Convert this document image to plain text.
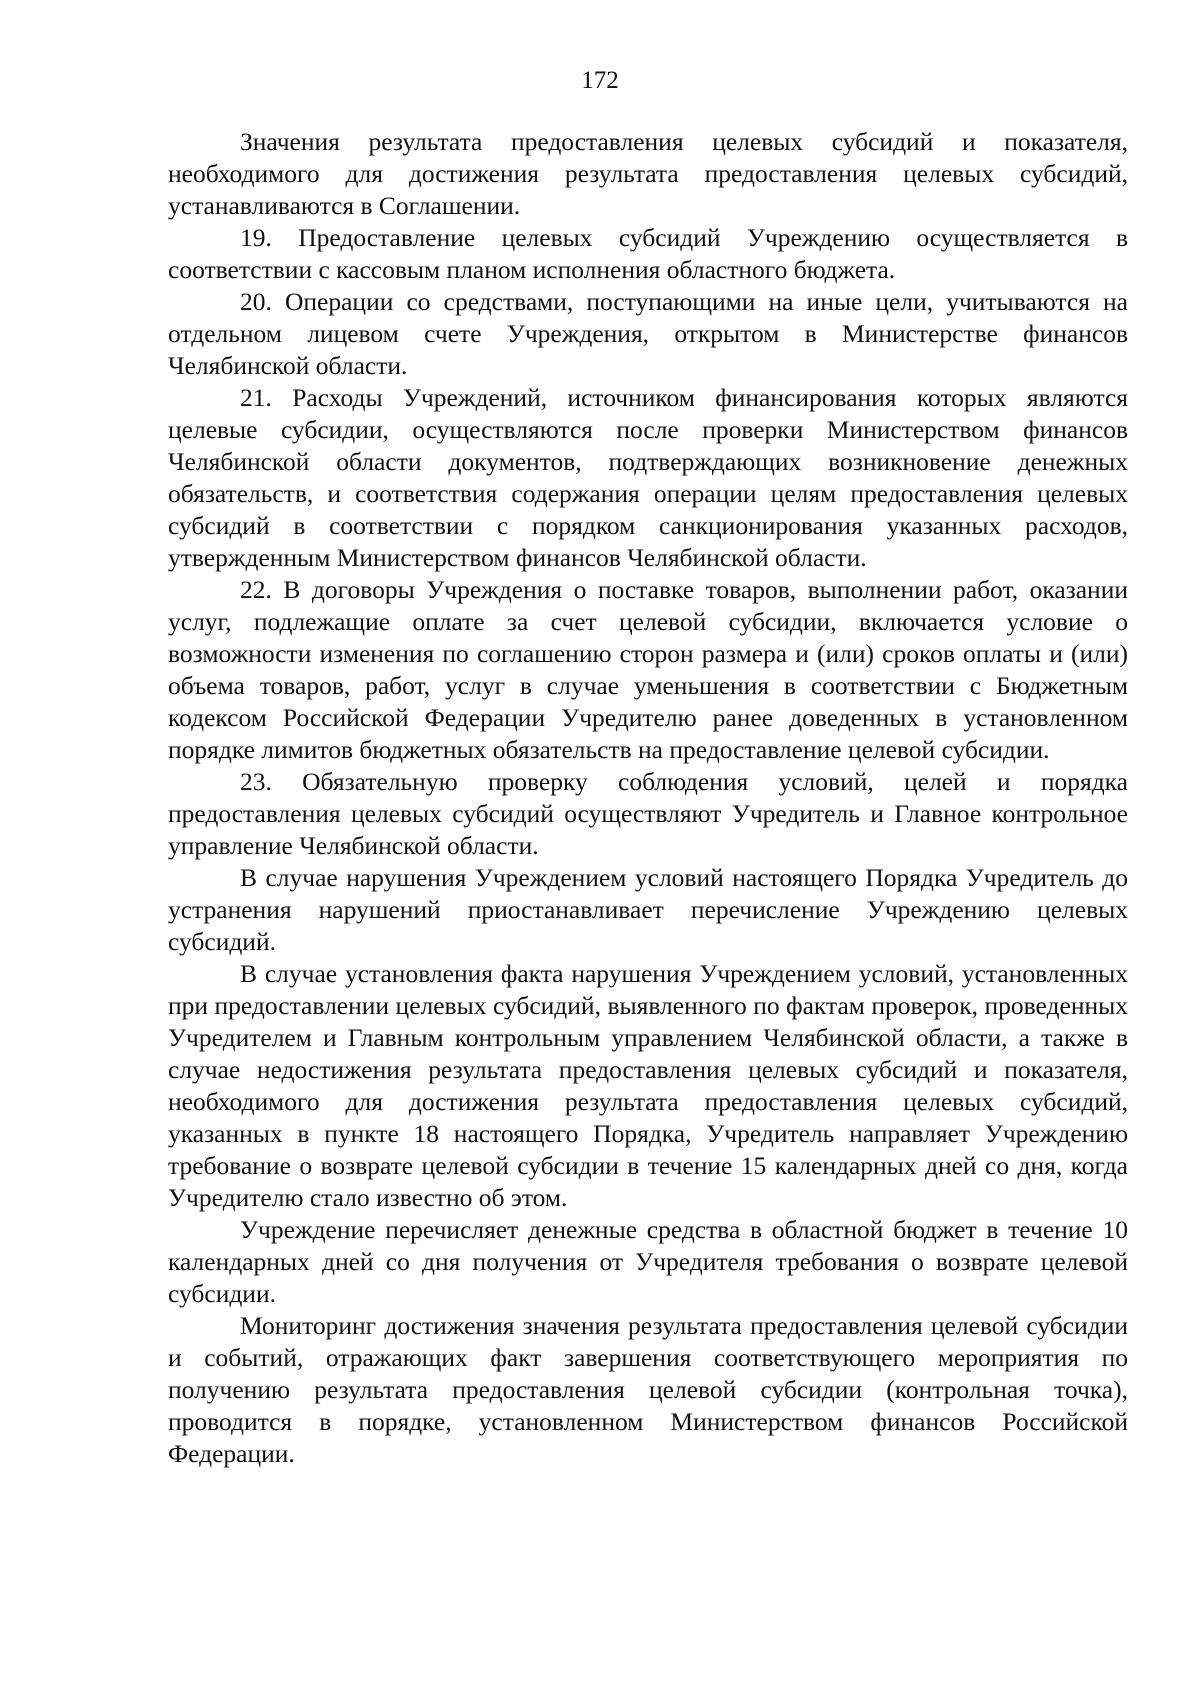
172

Значения результата предоставления целевых субсидий и показателя, необходимого для достижения результата предоставления целевых субсидий, устанавливаются в Соглашении.

19. Предоставление целевых субсидий Учреждению осуществляется в соответствии с кассовым планом исполнения областного бюджета.

20. Операции со средствами, поступающими на иные цели, учитываются на отдельном лицевом счете Учреждения, открытом в Министерстве финансов Челябинской области.

21. Расходы Учреждений, источником финансирования которых являются целевые субсидии, осуществляются после проверки Министерством финансов Челябинской области документов, подтверждающих возникновение денежных обязательств, и соответствия содержания операции целям предоставления целевых субсидий в соответствии с порядком санкционирования указанных расходов, утвержденным Министерством финансов Челябинской области.

22. В договоры Учреждения о поставке товаров, выполнении работ, оказании услуг, подлежащие оплате за счет целевой субсидии, включается условие о возможности изменения по соглашению сторон размера и (или) сроков оплаты и (или) объема товаров, работ, услуг в случае уменьшения в соответствии с Бюджетным кодексом Российской Федерации Учредителю ранее доведенных в установленном порядке лимитов бюджетных обязательств на предоставление целевой субсидии.

23. Обязательную проверку соблюдения условий, целей и порядка предоставления целевых субсидий осуществляют Учредитель и Главное контрольное управление Челябинской области.

В случае нарушения Учреждением условий настоящего Порядка Учредитель до устранения нарушений приостанавливает перечисление Учреждению целевых субсидий.

В случае установления факта нарушения Учреждением условий, установленных при предоставлении целевых субсидий, выявленного по фактам проверок, проведенных Учредителем и Главным контрольным управлением Челябинской области, а также в случае недостижения результата предоставления целевых субсидий и показателя, необходимого для достижения результата предоставления целевых субсидий, указанных в пункте 18 настоящего Порядка, Учредитель направляет Учреждению требование о возврате целевой субсидии в течение 15 календарных дней со дня, когда Учредителю стало известно об этом.

Учреждение перечисляет денежные средства в областной бюджет в течение 10 календарных дней со дня получения от Учредителя требования о возврате целевой субсидии.

Мониторинг достижения значения результата предоставления целевой субсидии и событий, отражающих факт завершения соответствующего мероприятия по получению результата предоставления целевой субсидии (контрольная точка), проводится в порядке, установленном Министерством финансов Российской Федерации.
